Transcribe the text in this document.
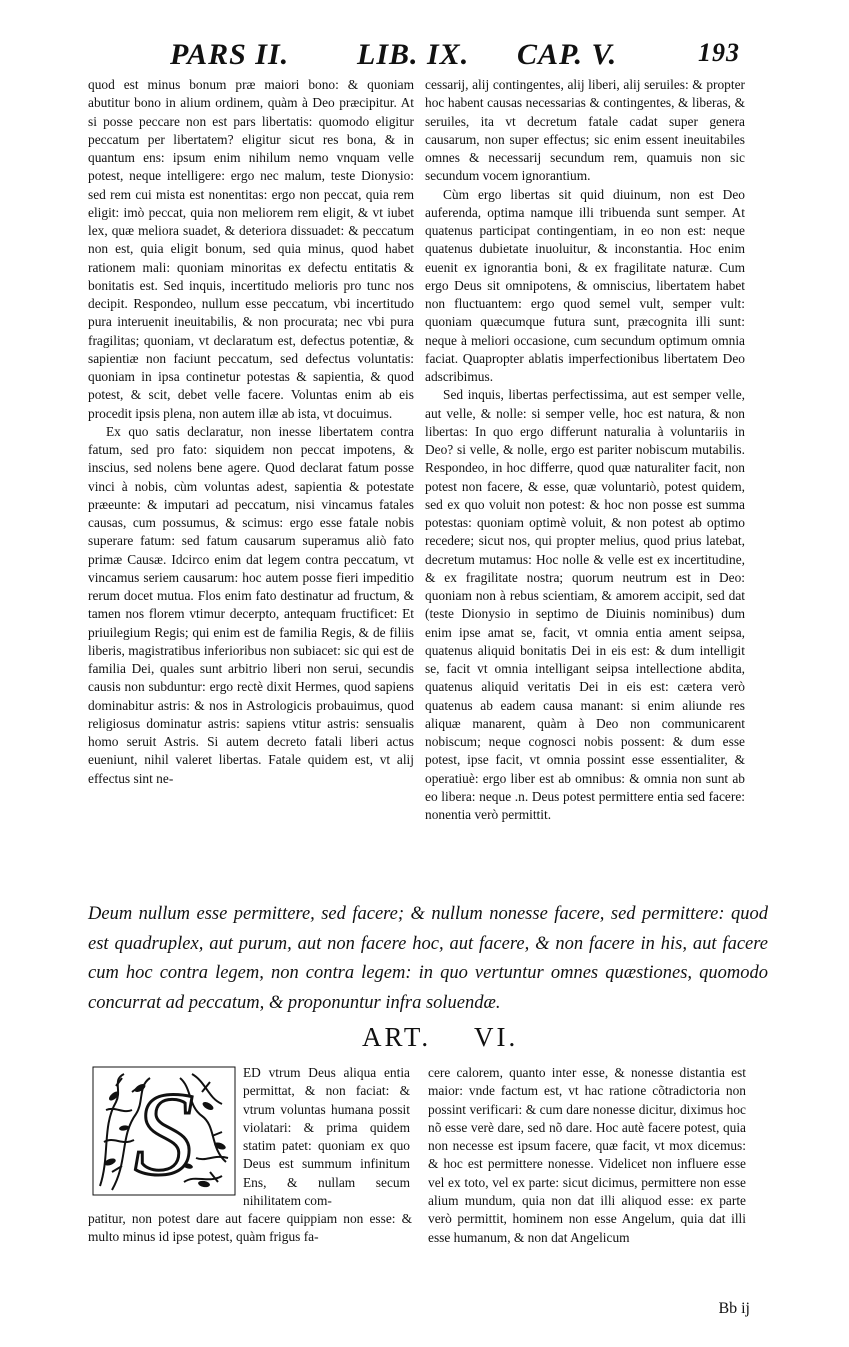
PARS II. LIB. IX. CAP. V.	193

quod est minus bonum præ maiori bono: & quoniam abutitur bono in alium ordinem, quàm à Deo præcipitur. At si posse peccare non est pars libertatis: quomodo eligitur peccatum per libertatem? eligitur sicut res bona, & in quantum ens: ipsum enim nihilum nemo vnquam velle potest, neque intelligere: ergo nec malum, teste Dionysio: sed rem cui mista est nonentitas: ergo non peccat, quia rem eligit: imò peccat, quia non meliorem rem eligit, & vt iubet lex, quæ meliora suadet, & deteriora dissuadet: & peccatum non est, quia eligit bonum, sed quia minus, quod habet rationem mali: quoniam minoritas ex defectu entitatis & bonitatis est. Sed inquis, incertitudo melioris pro tunc nos decipit. Respondeo, nullum esse peccatum, vbi incertitudo pura interuenit ineuitabilis, & non procurata; nec vbi pura fragilitas; quoniam, vt declaratum est, defectus potentiæ, & sapientiæ non faciunt peccatum, sed defectus voluntatis: quoniam in ipsa continetur potestas & sapientia, & quod potest, & scit, debet velle facere. Voluntas enim ab eis procedit ipsis plena, non autem illæ ab ista, vt docuimus.

Ex quo satis declaratur, non inesse libertatem contra fatum, sed pro fato: siquidem non peccat impotens, & inscius, sed nolens bene agere. Quod declarat fatum posse vinci à nobis, cùm voluntas adest, sapientia & potestate præeunte: & imputari ad peccatum, nisi vincamus fatales causas, cum possumus, & scimus: ergo esse fatale nobis superare fatum: sed fatum causarum superamus aliò fato primæ Causæ. Idcirco enim dat legem contra peccatum, vt vincamus seriem causarum: hoc autem posse fieri impeditio rerum docet mutua. Flos enim fato destinatur ad fructum, & tamen nos florem vtimur decerpto, antequam fructificet: Et priuilegium Regis; qui enim est de familia Regis, & de filiis liberis, magistratibus inferioribus non subiacet: sic qui est de familia Dei, quales sunt arbitrio liberi non serui, secundis causis non subduntur: ergo rectè dixit Hermes, quod sapiens dominabitur astris: & nos in Astrologicis probauimus, quod religiosus dominatur astris: sapiens vtitur astris: sensualis homo seruit Astris. Si autem decreto fatali liberi actus eueniunt, nihil valeret libertas. Fatale quidem est, vt alij effectus sint ne-

cessarij, alij contingentes, alij liberi, alij seruiles: & propter hoc habent causas necessarias & contingentes, & liberas, & seruiles, ita vt decretum fatale cadat super genera causarum, non super effectus; sic enim essent ineuitabiles omnes & necessarij secundum rem, quamuis non sic secundum vocem ignorantium.

Cùm ergo libertas sit quid diuinum, non est Deo auferenda, optima namque illi tribuenda sunt semper. At quatenus participat contingentiam, in eo non est: neque quatenus dubietate inuoluitur, & inconstantia. Hoc enim euenit ex ignorantia boni, & ex fragilitate naturæ. Cum ergo Deus sit omnipotens, & omniscius, libertatem habet non fluctuantem: ergo quod semel vult, semper vult: quoniam quæcumque futura sunt, præcognita illi sunt: neque à meliori occasione, cum secundum optimum omnia faciat. Quapropter ablatis imperfectionibus libertatem Deo adscribimus.

Sed inquis, libertas perfectissima, aut est semper velle, aut velle, & nolle: si semper velle, hoc est natura, & non libertas: In quo ergo differunt naturalia à voluntariis in Deo? si velle, & nolle, ergo est pariter nobiscum mutabilis. Respondeo, in hoc differre, quod quæ naturaliter facit, non potest non facere, & esse, quæ voluntariò, potest quidem, sed ex quo voluit non potest: & hoc non posse est summa potestas: quoniam optimè voluit, & non potest ab optimo recedere; sicut nos, qui propter melius, quod prius latebat, decretum mutamus: Hoc nolle & velle est ex incertitudine, & ex fragilitate nostra; quorum neutrum est in Deo: quoniam non à rebus scientiam, & amorem accipit, sed dat (teste Dionysio in septimo de Diuinis nominibus) dum enim ipse amat se, facit, vt omnia entia ament seipsa, quatenus aliquid bonitatis Dei in eis est: & dum intelligit se, facit vt omnia intelligant seipsa intellectione abdita, quatenus aliquid veritatis Dei in eis est: cætera verò quatenus ab eadem causa manant: si enim aliunde res aliquæ manarent, quàm à Deo non communicarent nobiscum; neque cognosci nobis possent: & dum esse potest, ipse facit, vt omnia possint esse essentialiter, & operatiuè: ergo liber est ab omnibus: & omnia non sunt ab eo libera: neque .n. Deus potest permittere entia sed facere: nonentia verò permittit.

Deum nullum esse permittere, sed facere; & nullum nonesse facere, sed permittere: quod est quadruplex, aut purum, aut non facere hoc, aut facere, & non facere in his, aut facere cum hoc contra legem, non contra legem: in quo vertuntur omnes quæstiones, quomodo concurrat ad peccatum, & proponuntur infra soluendæ.
ART. VI.
S	ED vtrum Deus aliqua entia permittat, & non faciat: & vtrum voluntas humana possit violatari: & prima quidem statim patet: quoniam ex quo Deus est summum infinitum Ens, & nullam secum nihilitatem com-

patitur, non potest dare aut facere quippiam non esse: & multo minus id ipse potest, quàm frigus fa-

cere calorem, quanto inter esse, & nonesse distantia est maior: vnde factum est, vt hac ratione cõtradictoria non possint verificari: & cum dare nonesse dicitur, diximus hoc nõ esse verè dare, sed nõ dare. Hoc autè facere potest, quia non necesse est ipsum facere, quæ facit, vt mox dicemus: & hoc est permittere nonesse. Videlicet non influere esse vel ex toto, vel ex parte: sicut dicimus, permittere non esse alium mundum, quia non dat illi aliquod esse: ex parte verò permittit, hominem non esse Angelum, quia dat illi esse humanum, & non dat Angelicum

Bb ij
